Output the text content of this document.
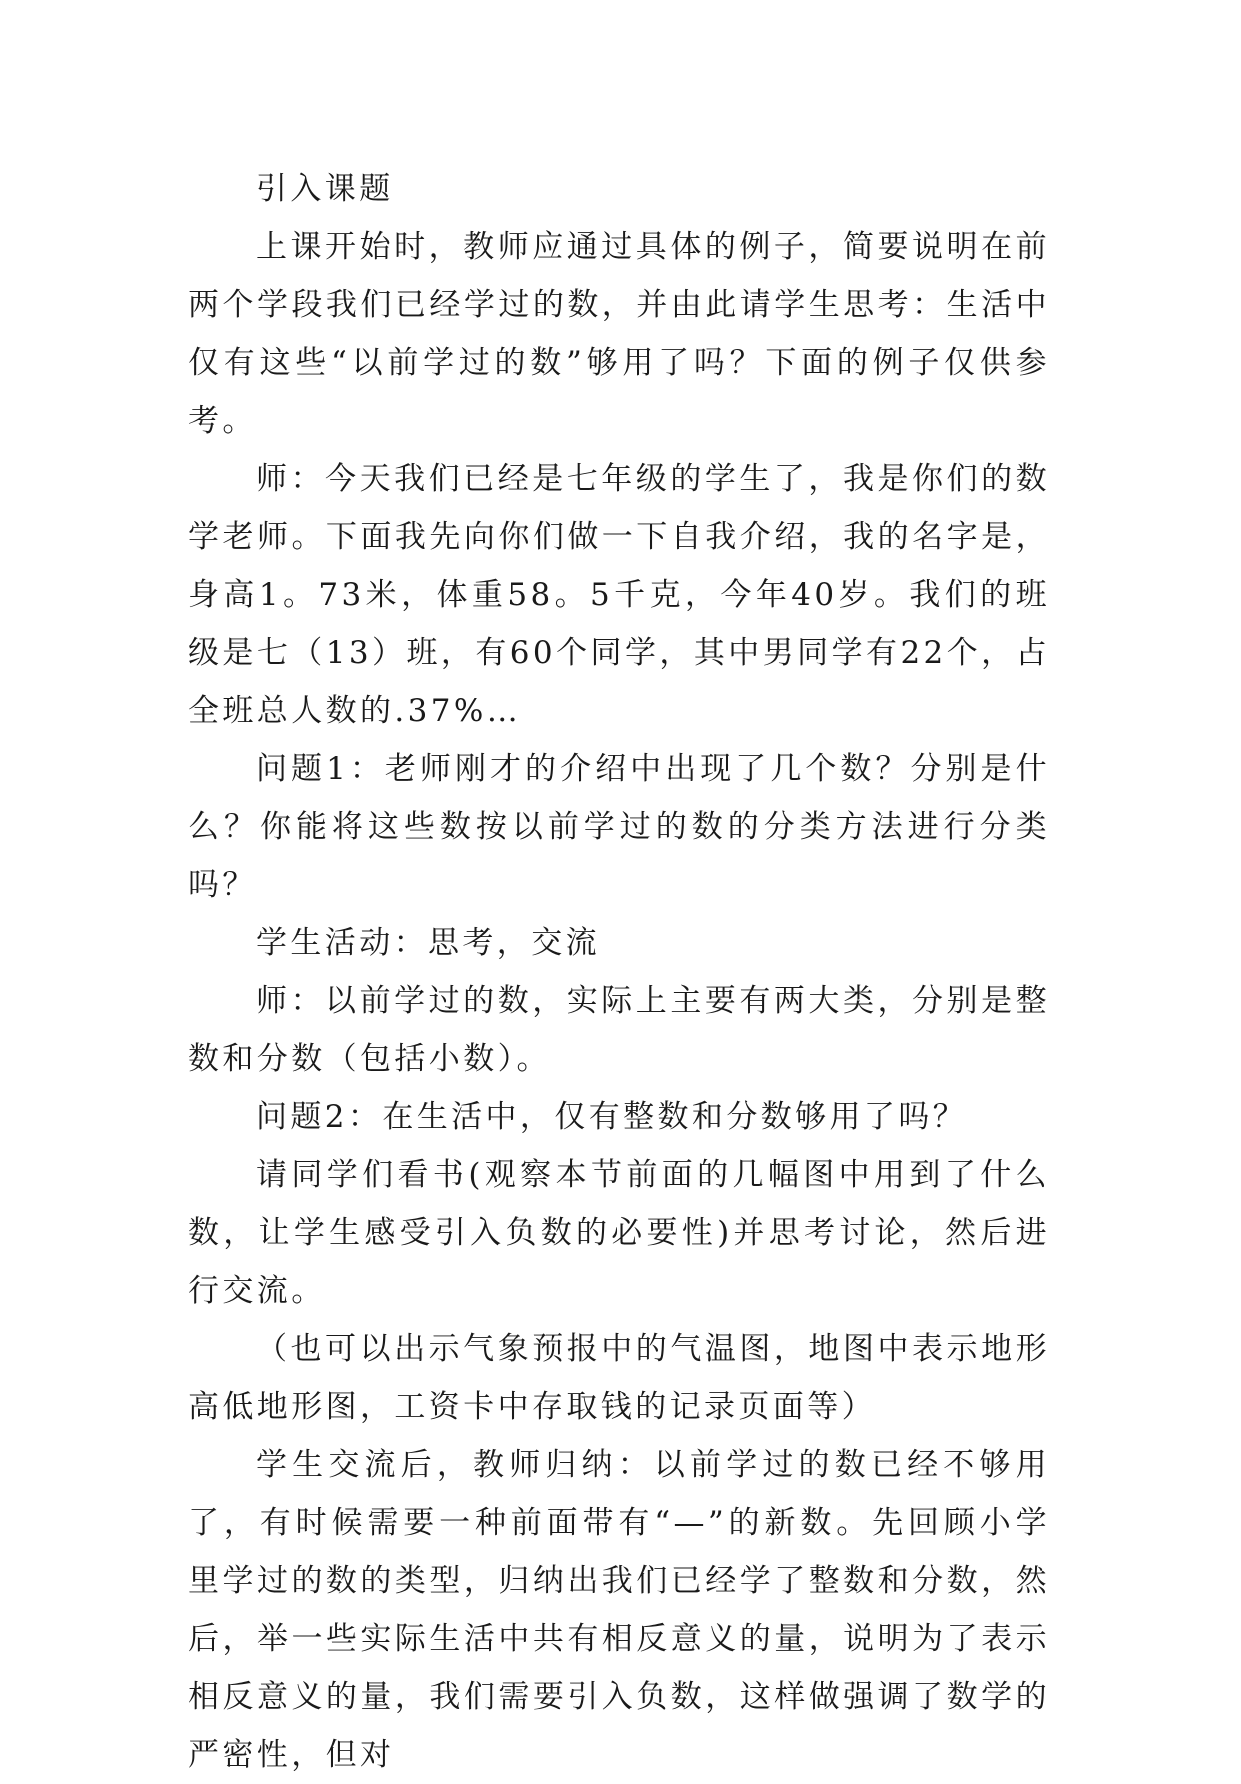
引入课题

上课开始时，教师应通过具体的例子，简要说明在前两个学段我们已经学过的数，并由此请学生思考：生活中仅有这些“以前学过的数”够用了吗？下面的例子仅供参考。

师：今天我们已经是七年级的学生了，我是你们的数学老师。下面我先向你们做一下自我介绍，我的名字是，身高1。73米，体重58。5千克，今年40岁。我们的班级是七（13）班，有60个同学，其中男同学有22个，占全班总人数的.37%…

问题1：老师刚才的介绍中出现了几个数？分别是什么？你能将这些数按以前学过的数的分类方法进行分类吗？

学生活动：思考，交流

师：以前学过的数，实际上主要有两大类，分别是整数和分数（包括小数）。

问题2：在生活中，仅有整数和分数够用了吗？

请同学们看书(观察本节前面的几幅图中用到了什么数，让学生感受引入负数的必要性)并思考讨论，然后进行交流。

（也可以出示气象预报中的气温图，地图中表示地形高低地形图，工资卡中存取钱的记录页面等）

学生交流后，教师归纳：以前学过的数已经不够用了，有时候需要一种前面带有“—”的新数。先回顾小学里学过的数的类型，归纳出我们已经学了整数和分数，然后，举一些实际生活中共有相反意义的量，说明为了表示相反意义的量，我们需要引入负数，这样做强调了数学的严密性，但对
